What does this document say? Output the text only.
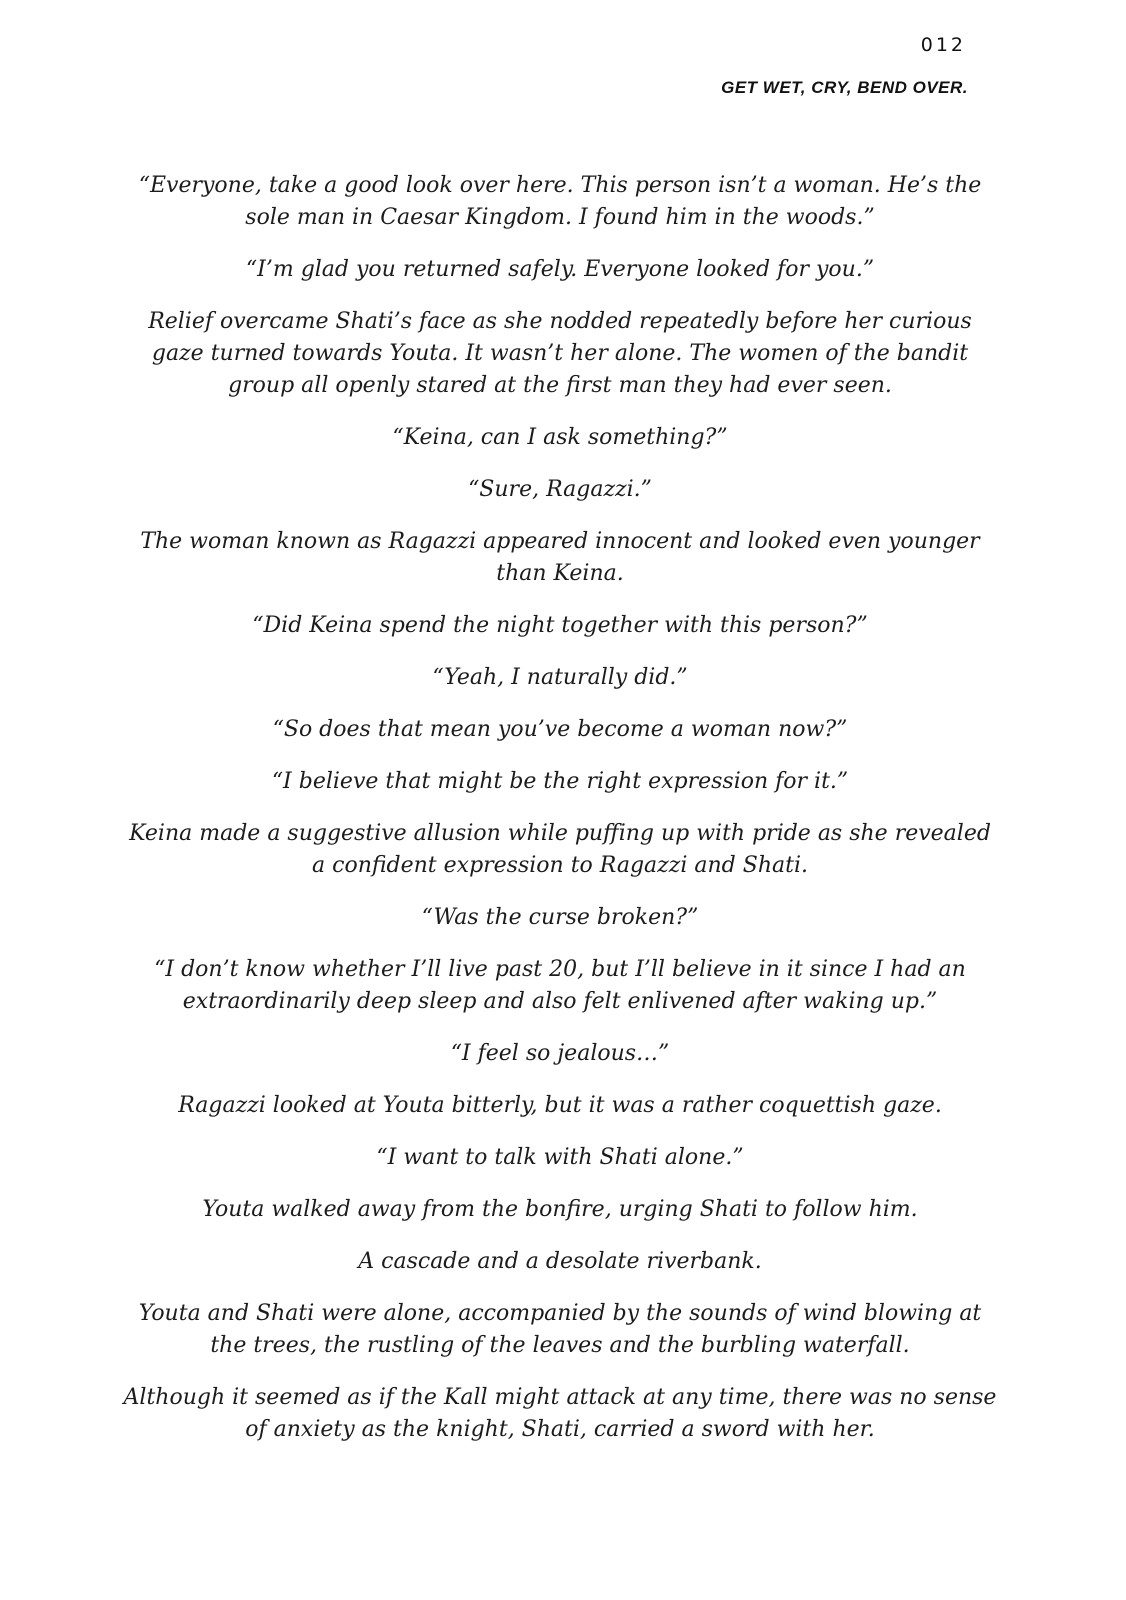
012
GET WET, CRY, BEND OVER.

“Everyone, take a good look over here. This person isn’t a woman. He’s the sole man in Caesar Kingdom. I found him in the woods.”

“I’m glad you returned safely. Everyone looked for you.”

Relief overcame Shati’s face as she nodded repeatedly before her curious gaze turned towards Youta. It wasn’t her alone. The women of the bandit group all openly stared at the first man they had ever seen.

“Keina, can I ask something?”

“Sure, Ragazzi.”

The woman known as Ragazzi appeared innocent and looked even younger than Keina.

“Did Keina spend the night together with this person?”

“Yeah, I naturally did.”

“So does that mean you’ve become a woman now?”

“I believe that might be the right expression for it.”

Keina made a suggestive allusion while puffing up with pride as she revealed a confident expression to Ragazzi and Shati.

“Was the curse broken?”

“I don’t know whether I’ll live past 20, but I’ll believe in it since I had an extraordinarily deep sleep and also felt enlivened after waking up.”

“I feel so jealous…”

Ragazzi looked at Youta bitterly, but it was a rather coquettish gaze.

“I want to talk with Shati alone.”

Youta walked away from the bonfire, urging Shati to follow him.

A cascade and a desolate riverbank.

Youta and Shati were alone, accompanied by the sounds of wind blowing at the trees, the rustling of the leaves and the burbling waterfall.

Although it seemed as if the Kall might attack at any time, there was no sense of anxiety as the knight, Shati, carried a sword with her.
